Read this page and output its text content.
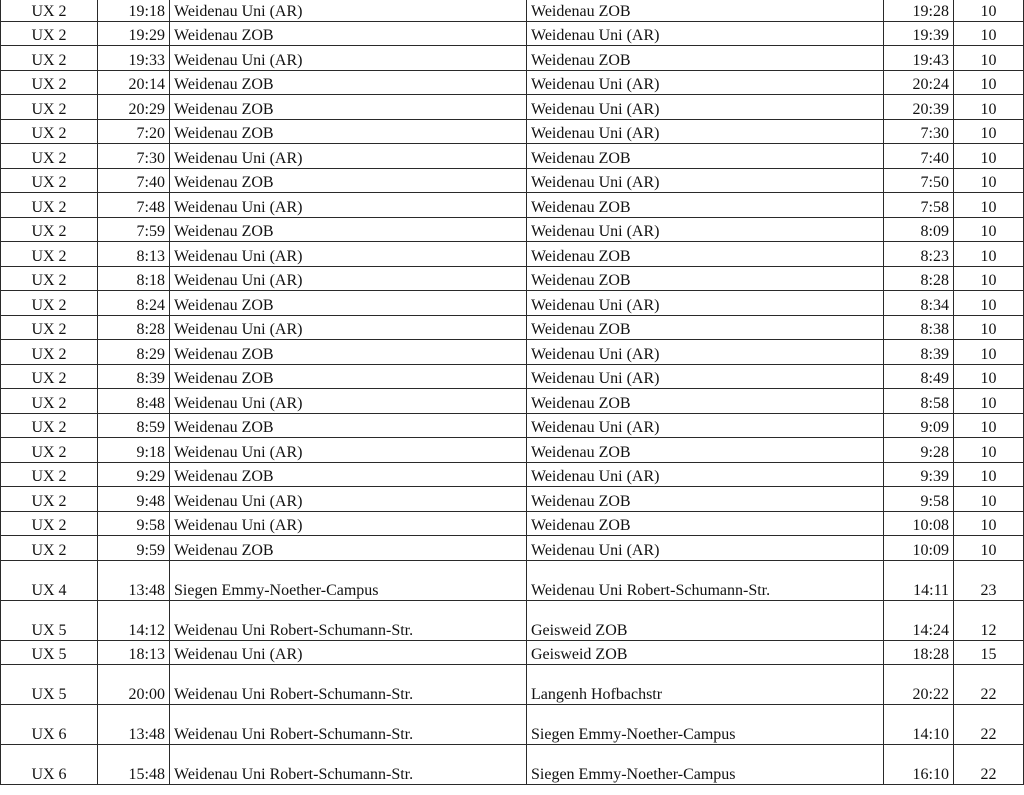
UX 2	19:18	Weidenau Uni (AR)	Weidenau ZOB	19:28	10
UX 2	19:29	Weidenau ZOB	Weidenau Uni (AR)	19:39	10
UX 2	19:33	Weidenau Uni (AR)	Weidenau ZOB	19:43	10
UX 2	20:14	Weidenau ZOB	Weidenau Uni (AR)	20:24	10
UX 2	20:29	Weidenau ZOB	Weidenau Uni (AR)	20:39	10
UX 2	7:20	Weidenau ZOB	Weidenau Uni (AR)	7:30	10
UX 2	7:30	Weidenau Uni (AR)	Weidenau ZOB	7:40	10
UX 2	7:40	Weidenau ZOB	Weidenau Uni (AR)	7:50	10
UX 2	7:48	Weidenau Uni (AR)	Weidenau ZOB	7:58	10
UX 2	7:59	Weidenau ZOB	Weidenau Uni (AR)	8:09	10
UX 2	8:13	Weidenau Uni (AR)	Weidenau ZOB	8:23	10
UX 2	8:18	Weidenau Uni (AR)	Weidenau ZOB	8:28	10
UX 2	8:24	Weidenau ZOB	Weidenau Uni (AR)	8:34	10
UX 2	8:28	Weidenau Uni (AR)	Weidenau ZOB	8:38	10
UX 2	8:29	Weidenau ZOB	Weidenau Uni (AR)	8:39	10
UX 2	8:39	Weidenau ZOB	Weidenau Uni (AR)	8:49	10
UX 2	8:48	Weidenau Uni (AR)	Weidenau ZOB	8:58	10
UX 2	8:59	Weidenau ZOB	Weidenau Uni (AR)	9:09	10
UX 2	9:18	Weidenau Uni (AR)	Weidenau ZOB	9:28	10
UX 2	9:29	Weidenau ZOB	Weidenau Uni (AR)	9:39	10
UX 2	9:48	Weidenau Uni (AR)	Weidenau ZOB	9:58	10
UX 2	9:58	Weidenau Uni (AR)	Weidenau ZOB	10:08	10
UX 2	9:59	Weidenau ZOB	Weidenau Uni (AR)	10:09	10
UX 4	13:48	Siegen Emmy-Noether-Campus	Weidenau Uni Robert-Schumann-Str.	14:11	23
UX 5	14:12	Weidenau Uni Robert-Schumann-Str.	Geisweid ZOB	14:24	12
UX 5	18:13	Weidenau Uni (AR)	Geisweid ZOB	18:28	15
UX 5	20:00	Weidenau Uni Robert-Schumann-Str.	Langenh Hofbachstr	20:22	22
UX 6	13:48	Weidenau Uni Robert-Schumann-Str.	Siegen Emmy-Noether-Campus	14:10	22
UX 6	15:48	Weidenau Uni Robert-Schumann-Str.	Siegen Emmy-Noether-Campus	16:10	22
